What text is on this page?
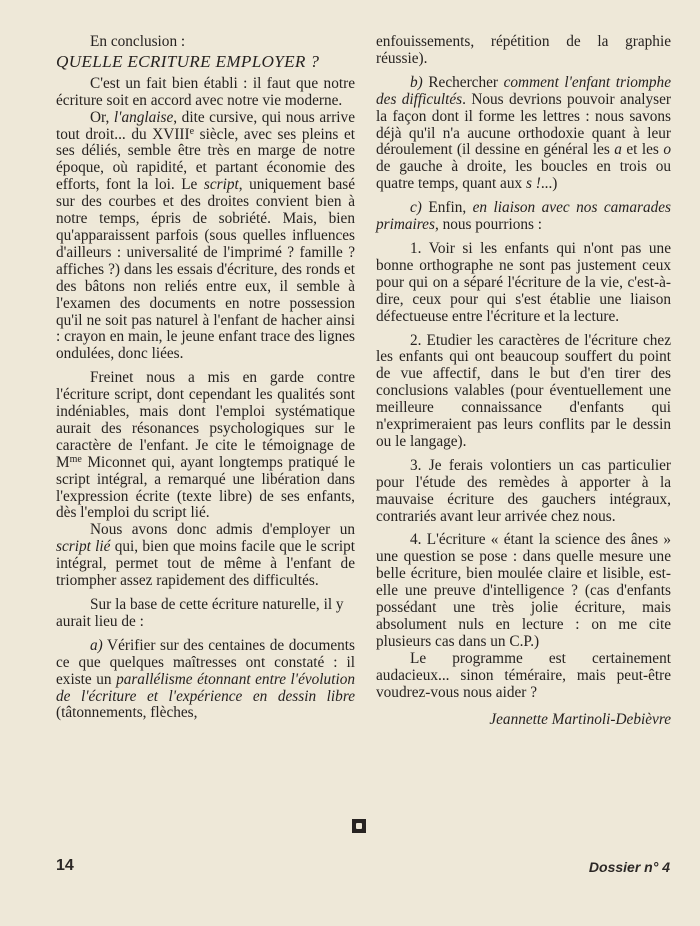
En conclusion :

QUELLE ECRITURE EMPLOYER ?

C'est un fait bien établi : il faut que notre écriture soit en accord avec notre vie moderne.

Or, l'anglaise, dite cursive, qui nous arrive tout droit... du XVIIIe siècle, avec ses pleins et ses déliés, semble être très en marge de notre époque, où rapidité, et partant économie des efforts, font la loi. Le script, uniquement basé sur des courbes et des droites convient bien à notre temps, épris de sobriété. Mais, bien qu'apparaissent parfois (sous quelles influences d'ailleurs : universalité de l'imprimé ? famille ? affiches ?) dans les essais d'écriture, des ronds et des bâtons non reliés entre eux, il semble à l'examen des documents en notre possession qu'il ne soit pas naturel à l'enfant de hacher ainsi : crayon en main, le jeune enfant trace des lignes ondulées, donc liées.

Freinet nous a mis en garde contre l'écriture script, dont cependant les qualités sont indéniables, mais dont l'emploi systématique aurait des résonances psychologiques sur le caractère de l'enfant. Je cite le témoignage de $M^{me}$ Miconnet qui, ayant longtemps pratiqué le script intégral, a remarqué une libération dans l'expression écrite (texte libre) de ses enfants, dès l'emploi du script lié.

Nous avons donc admis d'employer un script lié qui, bien que moins facile que le script intégral, permet tout de même à l'enfant de triompher assez rapidement des difficultés.

Sur la base de cette écriture naturelle, il y aurait lieu de :

a) Vérifier sur des centaines de documents ce que quelques maîtresses ont constaté : il existe un parallélisme étonnant entre l'évolution de l'écriture et l'expérience en dessin libre (tâtonnements, flèches,

enfouissements, répétition de la graphie réussie).

b) Rechercher comment l'enfant triomphe des difficultés. Nous devrions pouvoir analyser la façon dont il forme les lettres : nous savons déjà qu'il n'a aucune orthodoxie quant à leur déroulement (il dessine en général les a et les o de gauche à droite, les boucles en trois ou quatre temps, quant aux s !...)

c) Enfin, en liaison avec nos camarades primaires, nous pourrions :

1. Voir si les enfants qui n'ont pas une bonne orthographe ne sont pas justement ceux pour qui on a séparé l'écriture de la vie, c'est-à-dire, ceux pour qui s'est établie une liaison défectueuse entre l'écriture et la lecture.

2. Etudier les caractères de l'écriture chez les enfants qui ont beaucoup souffert du point de vue affectif, dans le but d'en tirer des conclusions valables (pour éventuellement une meilleure connaissance d'enfants qui n'exprimeraient pas leurs conflits par le dessin ou le langage).

3. Je ferais volontiers un cas particulier pour l'étude des remèdes à apporter à la mauvaise écriture des gauchers intégraux, contrariés avant leur arrivée chez nous.

4. L'écriture « étant la science des ânes » une question se pose : dans quelle mesure une belle écriture, bien moulée claire et lisible, est-elle une preuve d'intelligence ? (cas d'enfants possédant une très jolie écriture, mais absolument nuls en lecture : on me cite plusieurs cas dans un C.P.)

Le programme est certainement audacieux... sinon téméraire, mais peut-être voudrez-vous nous aider ?

Jeannette Martinoli-Debièvre

14	Dossier n° 4
